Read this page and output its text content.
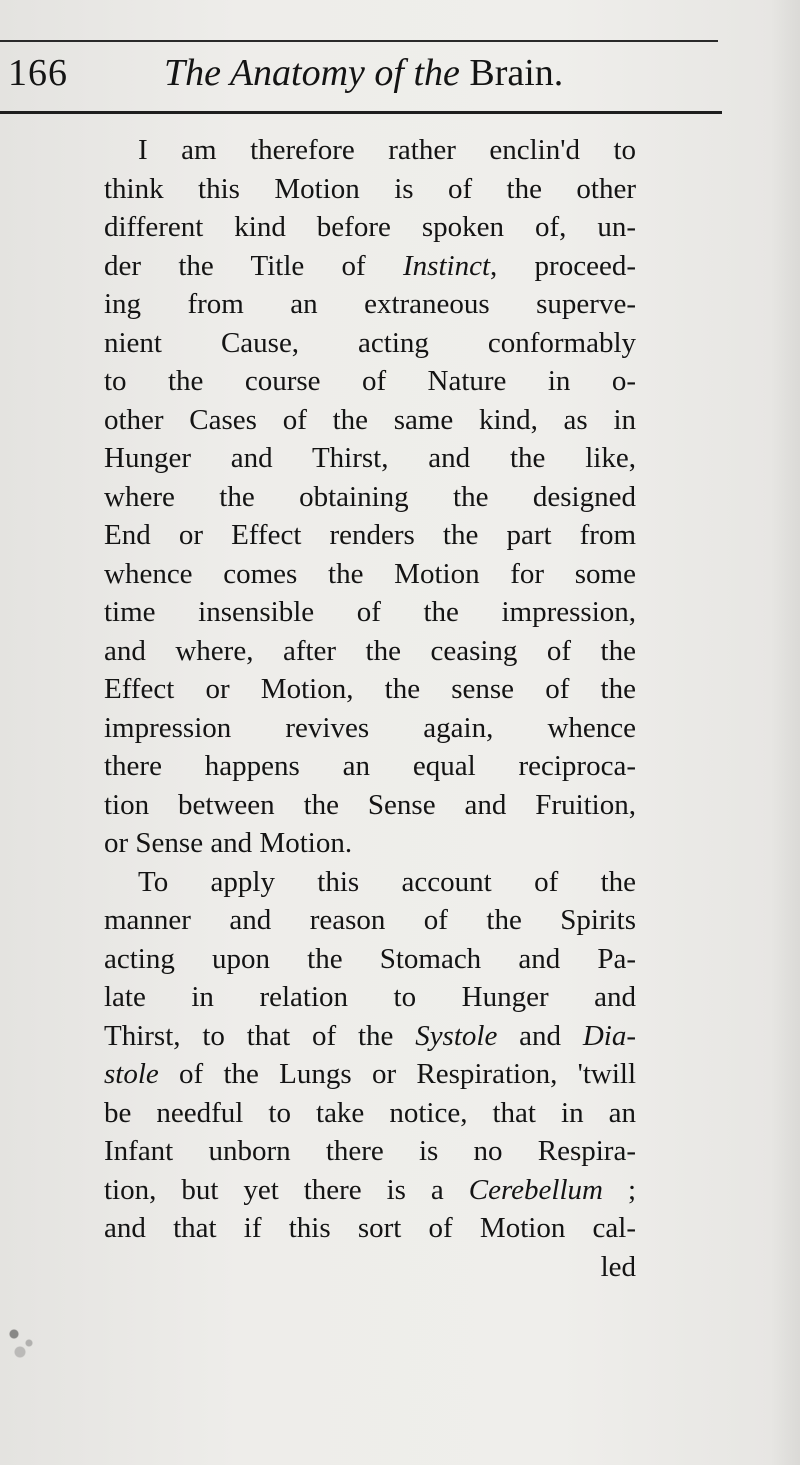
166	The Anatomy of the Brain.
I am therefore rather enclin'd to
think this Motion is of the other
different kind before spoken of, un-
der the Title of Instinct, proceed-
ing from an extraneous superve-
nient Cause, acting conformably
to the course of Nature in o-
other Cases of the same kind, as in
Hunger and Thirst, and the like,
where the obtaining the designed
End or Effect renders the part from
whence comes the Motion for some
time insensible of the impression,
and where, after the ceasing of the
Effect or Motion, the sense of the
impression revives again, whence
there happens an equal reciproca-
tion between the Sense and Fruition,
or Sense and Motion.
To apply this account of the
manner and reason of the Spirits
acting upon the Stomach and Pa-
late in relation to Hunger and
Thirst, to that of the Systole and Dia-
stole of the Lungs or Respiration, 'twill
be needful to take notice, that in an
Infant unborn there is no Respira-
tion, but yet there is a Cerebellum ;
and that if this sort of Motion cal-
led
